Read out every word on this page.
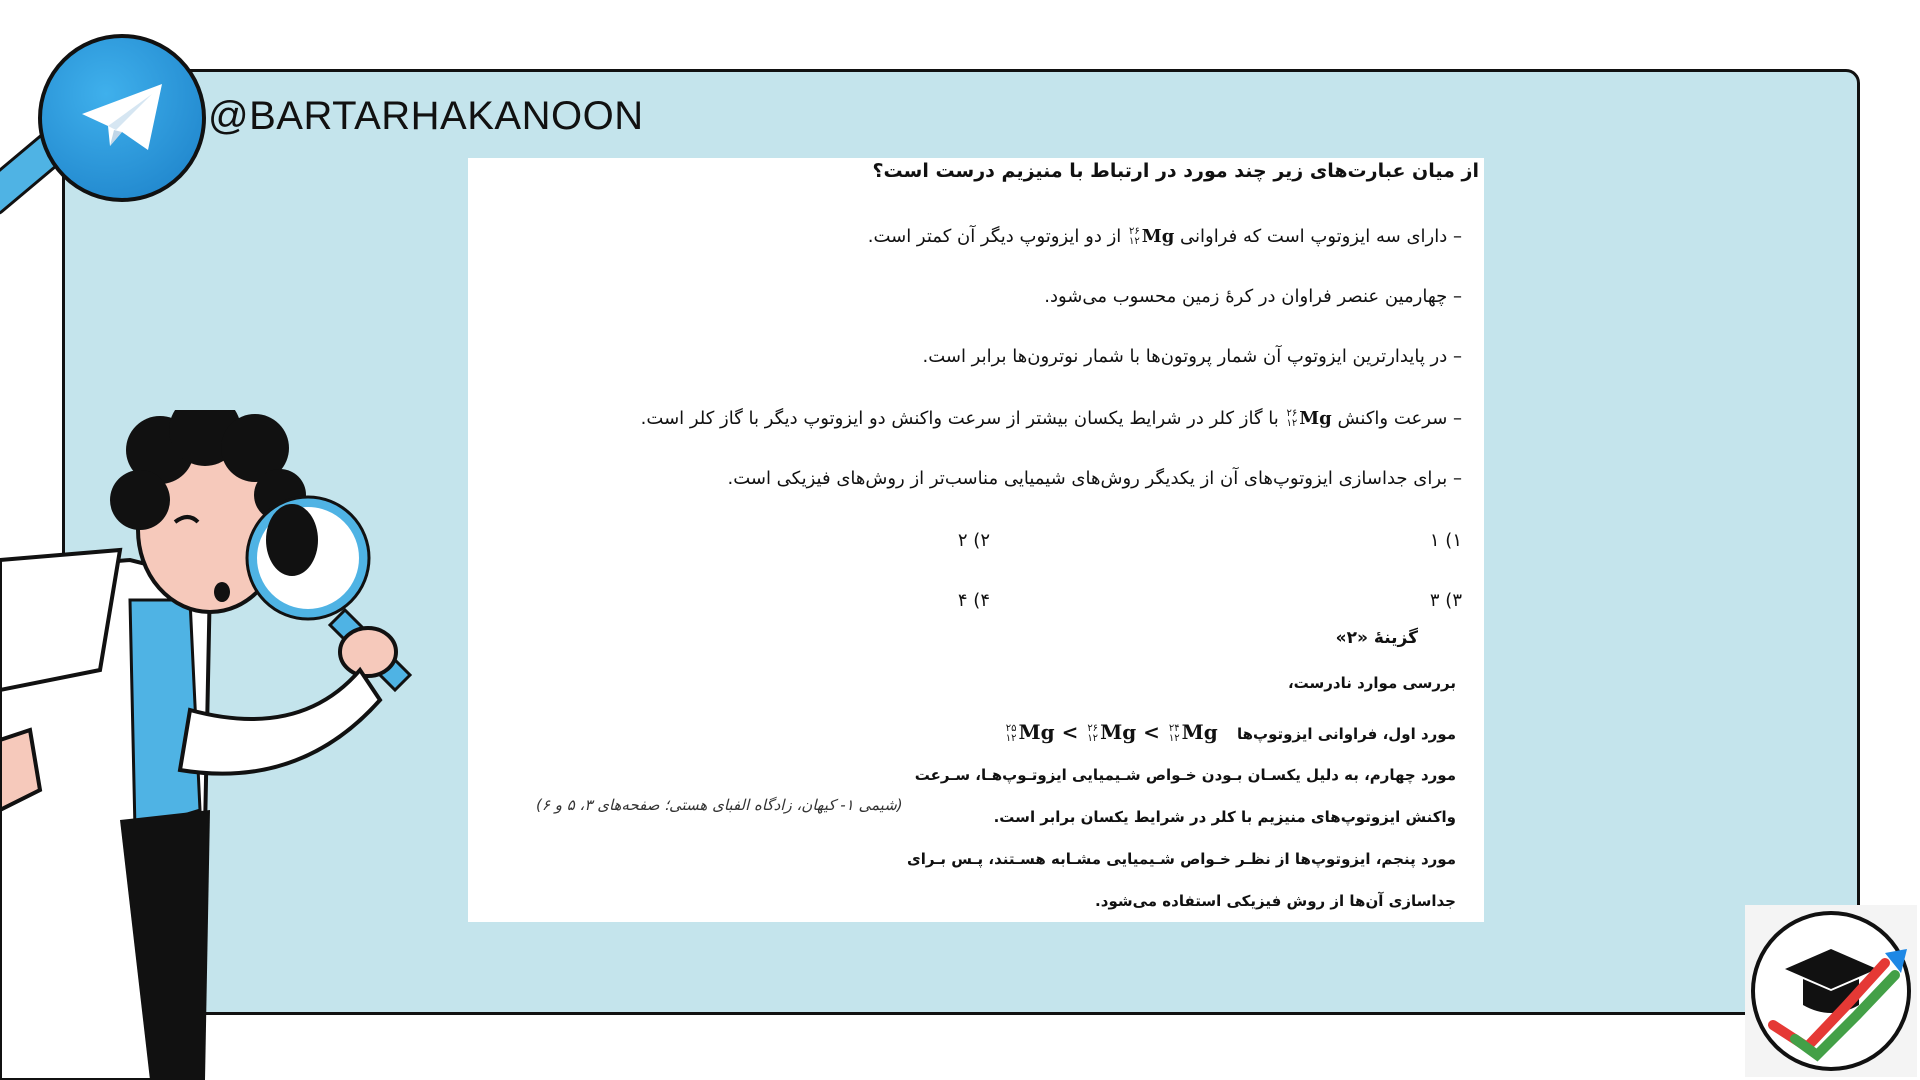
@BARTARHAKANOON
از میان عبارت‌های زیر چند مورد در ارتباط با منیزیم درست است؟
– دارای سه ایزوتوپ است که فراوانی
۲۶
۱۲ Mg از دو ایزوتوپ دیگر آن کمتر است.
– چهارمین عنصر فراوان در کرهٔ زمین محسوب می‌شود.
– در پایدارترین ایزوتوپ آن شمار پروتون‌ها با شمار نوترون‌ها برابر است.
– سرعت واکنش
۲۶
۱۲ Mg با گاز کلر در شرایط یکسان بیشتر از سرعت واکنش دو ایزوتوپ دیگر با گاز کلر است.
– برای جداسازی ایزوتوپ‌های آن از یکدیگر روش‌های شیمیایی مناسب‌تر از روش‌های فیزیکی است.
۱) ۱
۲) ۲
۳) ۳
۴) ۴
گزینهٔ «۲»
بررسی موارد نادرست،
مورد اول، فراوانی ایزوتوپ‌ها
۲۵
۱۲ Mg < ۲۶
۱۲ Mg < ۲۴
۱۲ Mg
مورد چهارم، به دلیل یکسـان بـودن خـواص شـیمیایی ایزوتـوپ‌هـا، سـرعت
واکنش ایزوتوپ‌های منیزیم با کلر در شرایط یکسان برابر است.
مورد پنجم، ایزوتوپ‌ها از نظـر خـواص شـیمیایی مشـابه هسـتند، پـس بـرای
جداسازی آن‌ها از روش فیزیکی استفاده می‌شود.
(شیمی ۱- کیهان، زادگاه الفبای هستی؛ صفحه‌های ۳، ۵ و ۶)
